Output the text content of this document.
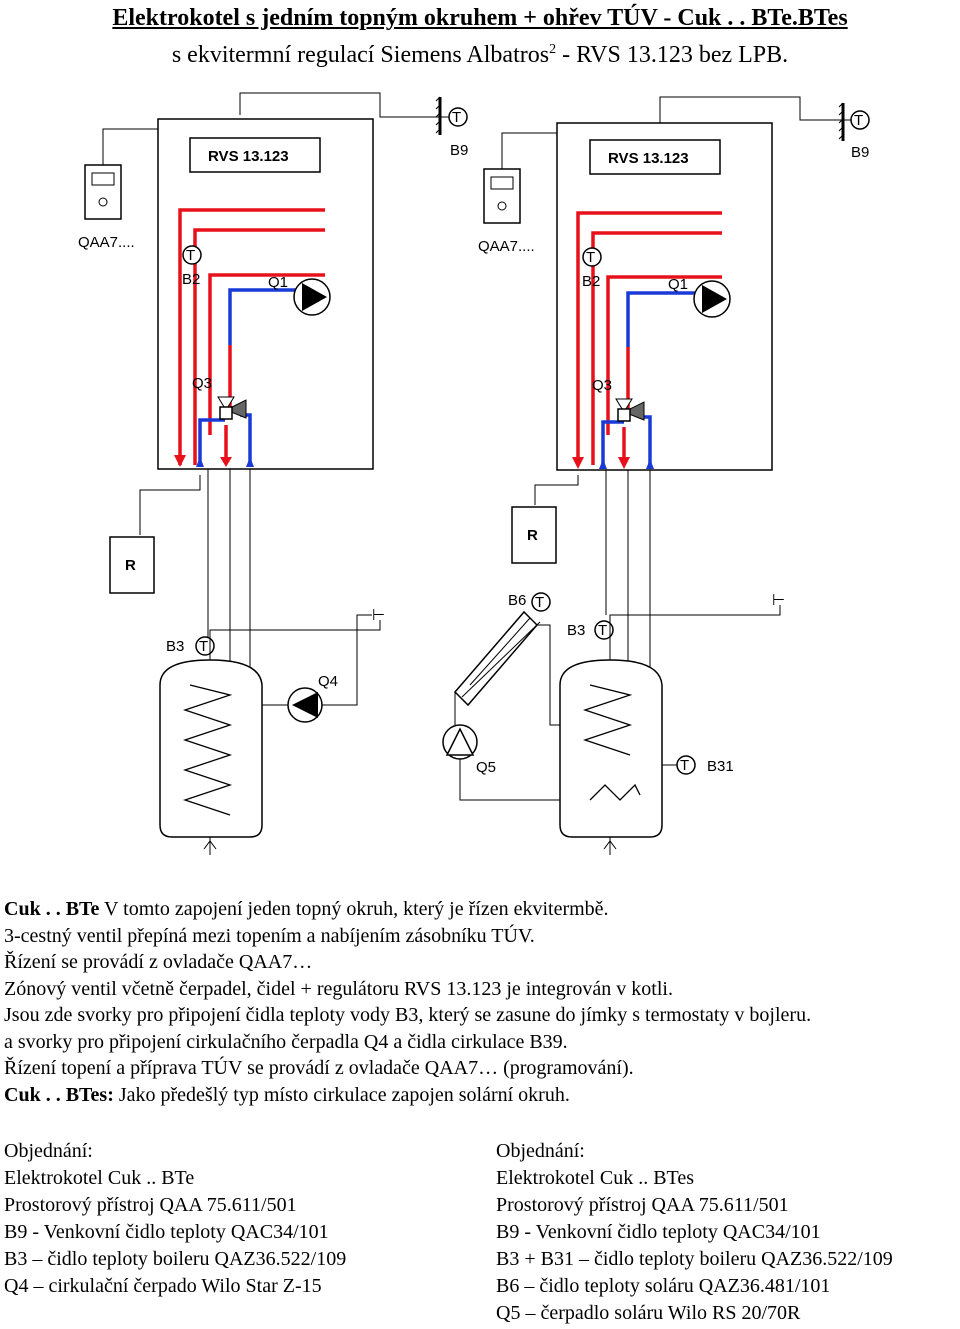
Elektrokotel s jedním topným okruhem + ohřev TÚV - Cuk . . BTe.BTes
s ekvitermní regulací Siemens Albatros$^2$ - RVS 13.123 bez LPB.
T
B9
RVS 13.123
QAA7....
T
B2	Q1
Q3
R
B3 T
Q4
⊢
T
B9
RVS 13.123
QAA7....
T
B2	Q1
Q3
R
B6 T
Q5
B3 T
⊢
T B31

Cuk . . BTe V tomto zapojení jeden topný okruh, který je řízen ekvitermbě.

3-cestný ventil přepíná mezi topením a nabíjením zásobníku TÚV.

Řízení se provádí z ovladače QAA7…

Zónový ventil včetně čerpadel, čidel + regulátoru RVS 13.123 je integrován v kotli.

Jsou zde svorky pro připojení čidla teploty vody B3, který se zasune do jímky s termostaty v bojleru.

a svorky pro připojení cirkulačního čerpadla Q4 a čidla cirkulace B39.

Řízení topení a příprava TÚV se provádí z ovladače QAA7… (programování).

Cuk . . BTes: Jako předešlý typ místo cirkulace zapojen solární okruh.

Objednání:

Elektrokotel Cuk .. BTe

Prostorový přístroj QAA 75.611/501

B9 - Venkovní čidlo teploty QAC34/101

B3 – čidlo teploty boileru QAZ36.522/109

Q4 – cirkulační čerpado Wilo Star Z-15

Objednání:

Elektrokotel Cuk .. BTes

Prostorový přístroj QAA 75.611/501

B9 - Venkovní čidlo teploty QAC34/101

B3 + B31 – čidlo teploty boileru QAZ36.522/109

B6 – čidlo teploty soláru QAZ36.481/101

Q5 – čerpadlo soláru Wilo RS 20/70R
